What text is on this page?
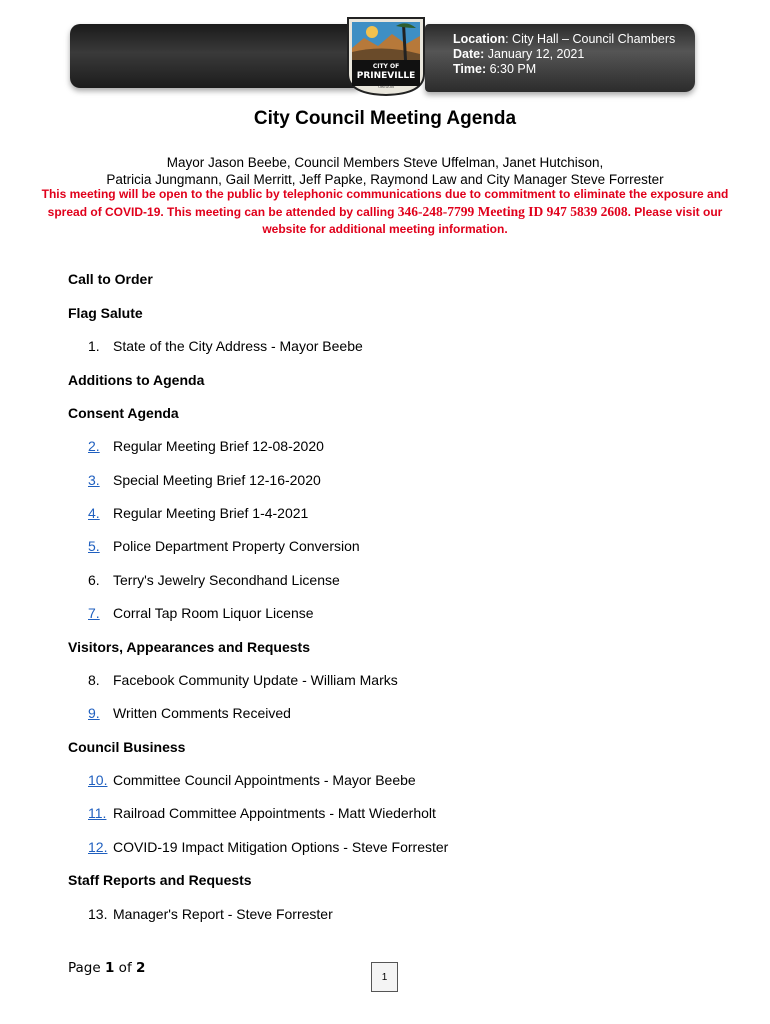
CITY OF
PRINEVILLE
OREGON
Location: City Hall – Council Chambers
Date: January 12, 2021
Time: 6:30 PM
City Council Meeting Agenda
Mayor Jason Beebe, Council Members Steve Uffelman, Janet Hutchison,
Patricia Jungmann, Gail Merritt, Jeff Papke, Raymond Law and City Manager Steve Forrester
This meeting will be open to the public by telephonic communications due to commitment to eliminate the exposure and spread of COVID-19. This meeting can be attended by calling 346-248-7799 Meeting ID 947 5839 2608. Please visit our website for additional meeting information.
Call to Order
Flag Salute
1. State of the City Address - Mayor Beebe
Additions to Agenda
Consent Agenda
2. Regular Meeting Brief 12-08-2020
3. Special Meeting Brief 12-16-2020
4. Regular Meeting Brief 1-4-2021
5. Police Department Property Conversion
6. Terry's Jewelry Secondhand License
7. Corral Tap Room Liquor License
Visitors, Appearances and Requests
8. Facebook Community Update - William Marks
9. Written Comments Received
Council Business
10. Committee Council Appointments - Mayor Beebe
11. Railroad Committee Appointments - Matt Wiederholt
12. COVID-19 Impact Mitigation Options - Steve Forrester
Staff Reports and Requests
13. Manager's Report - Steve Forrester
Page 1 of 2
1
